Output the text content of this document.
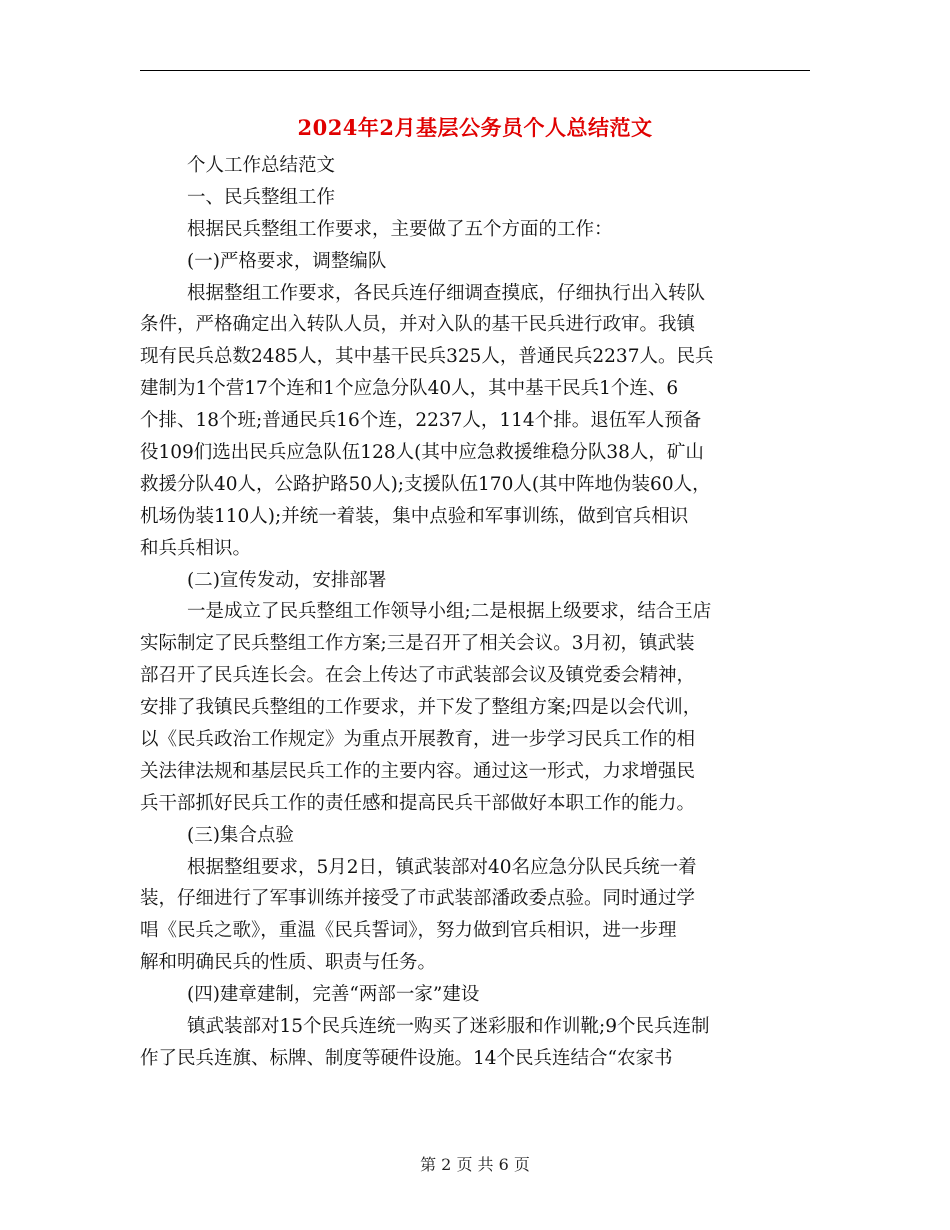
2024年2月基层公务员个人总结范文
个人工作总结范文
一、民兵整组工作
根据民兵整组工作要求，主要做了五个方面的工作：
(一)严格要求，调整编队
根据整组工作要求，各民兵连仔细调查摸底，仔细执行出入转队
条件，严格确定出入转队人员，并对入队的基干民兵进行政审。我镇
现有民兵总数2485人，其中基干民兵325人，普通民兵2237人。民兵
建制为1个营17个连和1个应急分队40人，其中基干民兵1个连、6
个排、18个班;普通民兵16个连，2237人，114个排。退伍军人预备
役109们选出民兵应急队伍128人(其中应急救援维稳分队38人，矿山
救援分队40人，公路护路50人);支援队伍170人(其中阵地伪装60人，
机场伪装110人);并统一着装，集中点验和军事训练，做到官兵相识
和兵兵相识。
(二)宣传发动，安排部署
一是成立了民兵整组工作领导小组;二是根据上级要求，结合王店
实际制定了民兵整组工作方案;三是召开了相关会议。3月初，镇武装
部召开了民兵连长会。在会上传达了市武装部会议及镇党委会精神，
安排了我镇民兵整组的工作要求，并下发了整组方案;四是以会代训，
以《民兵政治工作规定》为重点开展教育，进一步学习民兵工作的相
关法律法规和基层民兵工作的主要内容。通过这一形式，力求增强民
兵干部抓好民兵工作的责任感和提高民兵干部做好本职工作的能力。
(三)集合点验
根据整组要求，5月2日，镇武装部对40名应急分队民兵统一着
装，仔细进行了军事训练并接受了市武装部潘政委点验。同时通过学
唱《民兵之歌》，重温《民兵誓词》，努力做到官兵相识，进一步理
解和明确民兵的性质、职责与任务。
(四)建章建制，完善“两部一家”建设
镇武装部对15个民兵连统一购买了迷彩服和作训靴;9个民兵连制
作了民兵连旗、标牌、制度等硬件设施。14个民兵连结合“农家书
第 2 页 共 6 页
